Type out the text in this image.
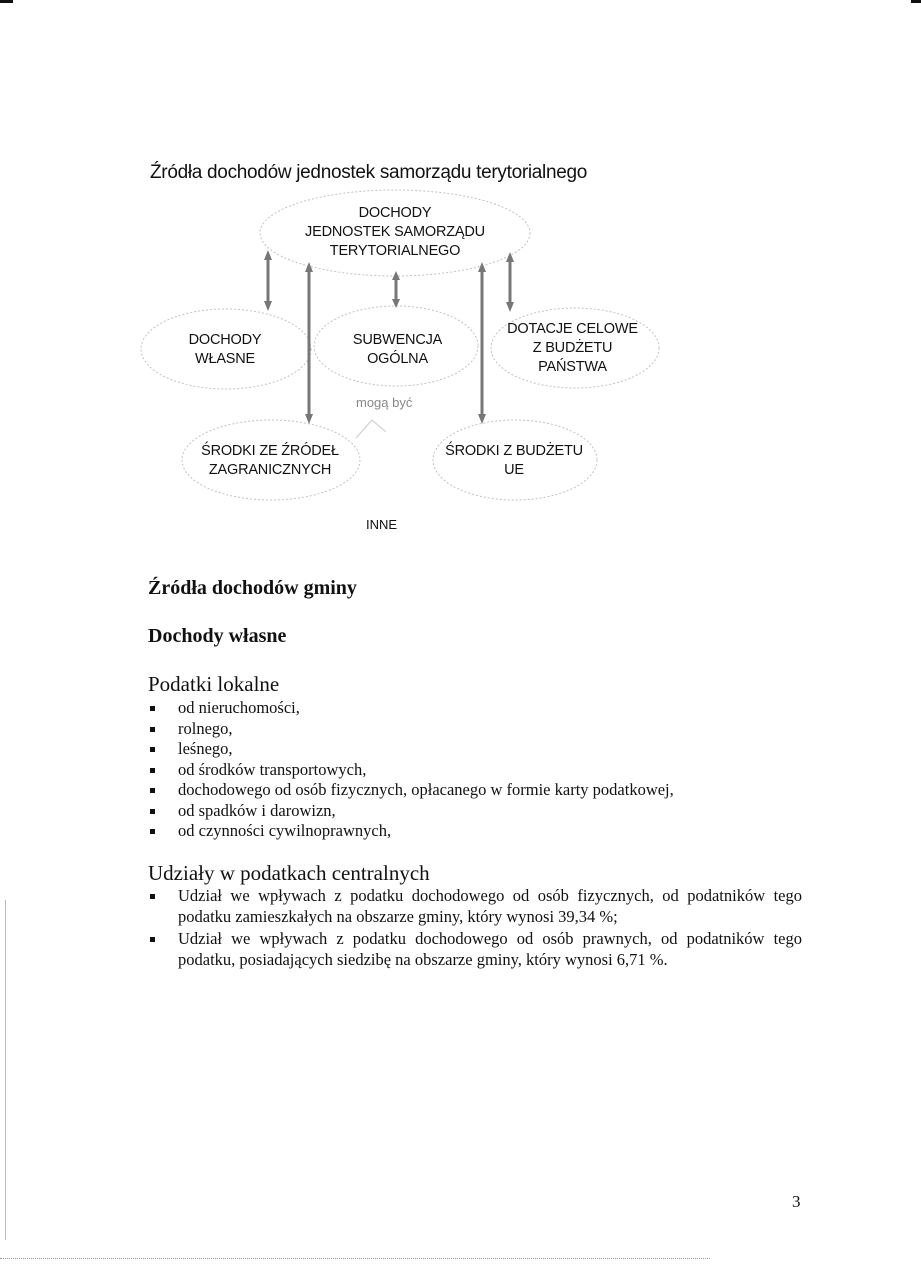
Źródła dochodów jednostek samorządu terytorialnego
DOCHODY
JEDNOSTEK SAMORZĄDU
TERYTORIALNEGO
DOCHODY
WŁASNE
SUBWENCJA
OGÓLNA
DOTACJE CELOWE
Z BUDŻETU
PAŃSTWA
mogą być
ŚRODKI ZE ŹRÓDEŁ
ZAGRANICZNYCH
ŚRODKI Z BUDŻETU
UE
INNE
Źródła dochodów gminy
Dochody własne
Podatki lokalne
od nieruchomości,
rolnego,
leśnego,
od środków transportowych,
dochodowego od osób fizycznych, opłacanego w formie karty podatkowej,
od spadków i darowizn,
od czynności cywilnoprawnych,
Udziały w podatkach centralnych
Udział we wpływach z podatku dochodowego od osób fizycznych, od podatników tego podatku zamieszkałych na obszarze gminy, który wynosi 39,34 %;
Udział we wpływach z podatku dochodowego od osób prawnych, od podatników tego podatku, posiadających siedzibę na obszarze gminy, który wynosi 6,71 %.
3
